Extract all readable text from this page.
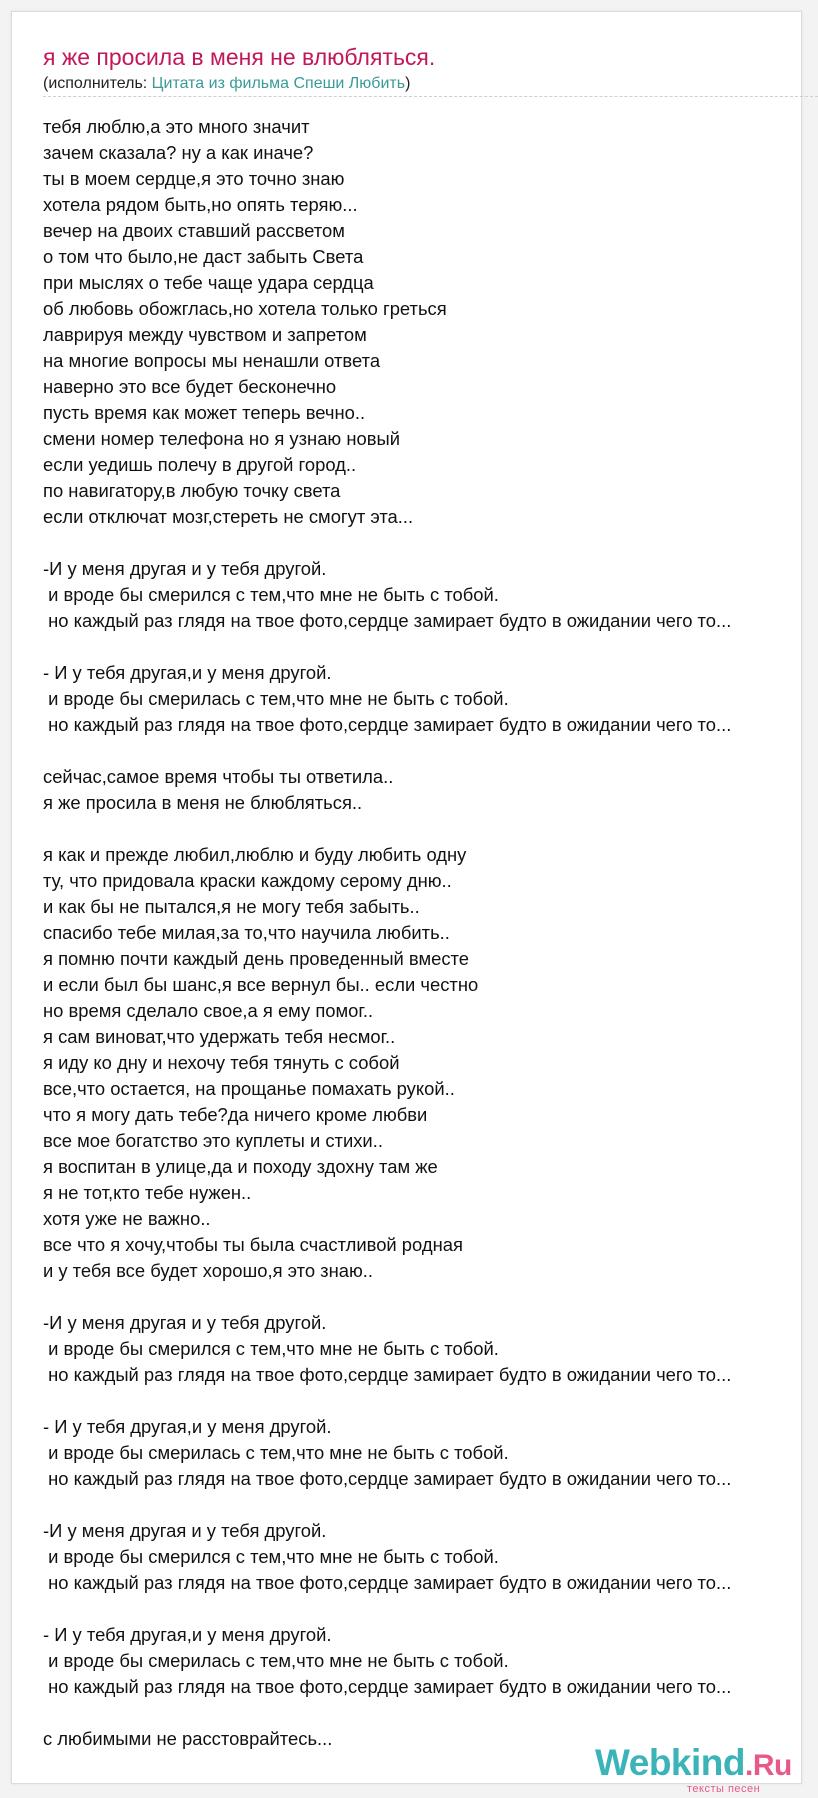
я же просила в меня не влюбляться.
(исполнитель: Цитата из фильма Спеши Любить)
тебя люблю,а это много значит
зачем сказала? ну а как иначе?
ты в моем сердце,я это точно знаю
хотела рядом быть,но опять теряю...
вечер на двоих ставший рассветом
о том что было,не даст забыть Света
при мыслях о тебе чаще удара сердца
об любовь обожглась,но хотела только греться
лаврируя между чувством и запретом
на многие вопросы мы ненашли ответа
наверно это все будет бесконечно
пусть время как может теперь вечно..
смени номер телефона но я узнаю новый
если уедишь полечу в другой город..
по навигатору,в любую точку света
если отключат мозг,стереть не смогут эта...

-И у меня другая и у тебя другой.
и вроде бы смерился с тем,что мне не быть с тобой.
но каждый раз глядя на твое фото,сердце замирает будто в ожидании чего то...

- И у тебя другая,и у меня другой.
и вроде бы смерилась с тем,что мне не быть с тобой.
но каждый раз глядя на твое фото,сердце замирает будто в ожидании чего то...

сейчас,самое время чтобы ты ответила..
я же просила в меня не блюбляться..

я как и прежде любил,люблю и буду любить одну
ту, что придовала краски каждому серому дню..
и как бы не пытался,я не могу тебя забыть..
спасибо тебе милая,за то,что научила любить..
я помню почти каждый день проведенный вместе
и если был бы шанс,я все вернул бы.. если честно
но время сделало свое,а я ему помог..
я сам виноват,что удержать тебя несмог..
я иду ко дну и нехочу тебя тянуть с собой
все,что остается, на прощанье помахать рукой..
что я могу дать тебе?да ничего кроме любви
все мое богатство это куплеты и стихи..
я воспитан в улице,да и походу здохну там же
я не тот,кто тебе нужен..
хотя уже не важно..
все что я хочу,чтобы ты была счастливой родная
и у тебя все будет хорошо,я это знаю..

-И у меня другая и у тебя другой.
и вроде бы смерился с тем,что мне не быть с тобой.
но каждый раз глядя на твое фото,сердце замирает будто в ожидании чего то...

- И у тебя другая,и у меня другой.
и вроде бы смерилась с тем,что мне не быть с тобой.
но каждый раз глядя на твое фото,сердце замирает будто в ожидании чего то...

-И у меня другая и у тебя другой.
и вроде бы смерился с тем,что мне не быть с тобой.
но каждый раз глядя на твое фото,сердце замирает будто в ожидании чего то...

- И у тебя другая,и у меня другой.
и вроде бы смерилась с тем,что мне не быть с тобой.
но каждый раз глядя на твое фото,сердце замирает будто в ожидании чего то...

с любимыми не расстоврайтесь...
Webkind.Ru
тексты песен
